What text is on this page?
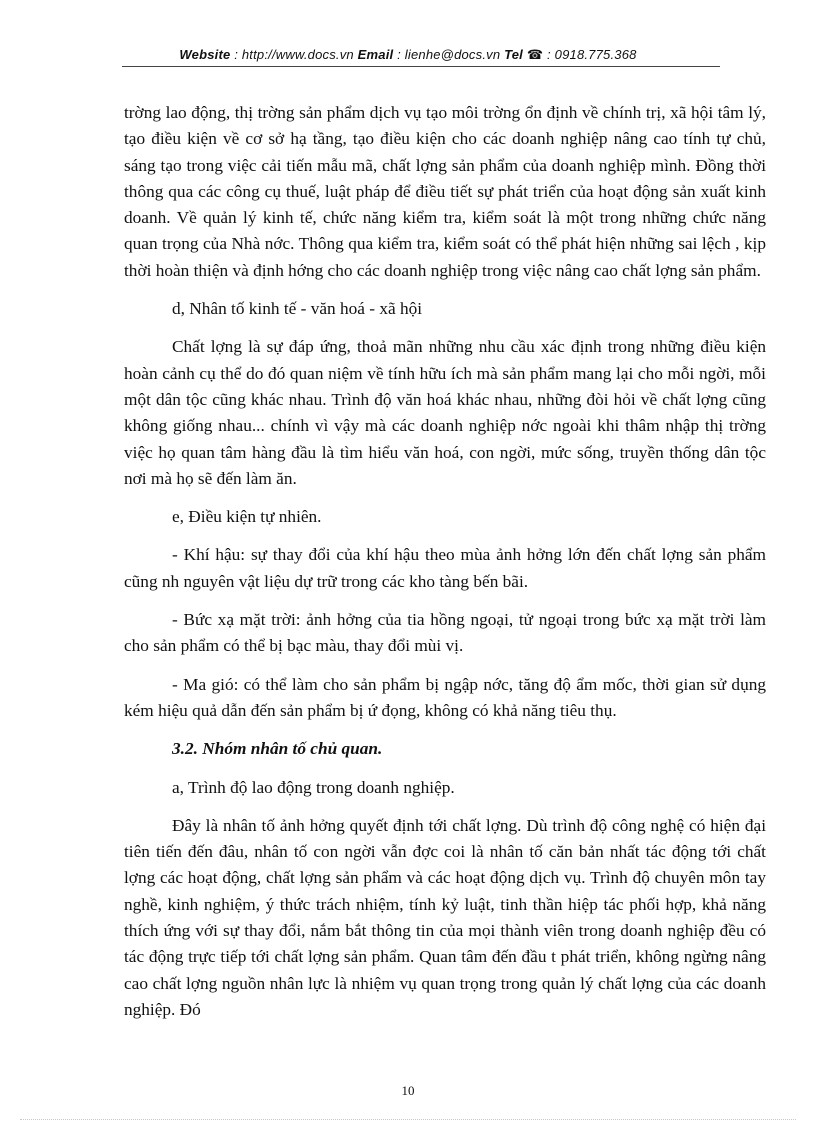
Website : http://www.docs.vn Email : lienhe@docs.vn Tel ☎ : 0918.775.368

trờng lao động, thị trờng sản phẩm dịch vụ tạo môi trờng ổn định về chính trị, xã hội tâm lý, tạo điều kiện về cơ sở hạ tầng, tạo điều kiện cho các doanh nghiệp nâng cao tính tự chủ, sáng tạo trong việc cải tiến mẫu mã, chất lợng sản phẩm của doanh nghiệp mình. Đồng thời thông qua các công cụ thuế, luật pháp để điều tiết sự phát triển của hoạt động sản xuất kinh doanh. Về quản lý kinh tế, chức năng kiểm tra, kiểm soát là một trong những chức năng quan trọng của Nhà nớc. Thông qua kiểm tra, kiểm soát có thể phát hiện những sai lệch , kịp thời hoàn thiện và định hớng cho các doanh nghiệp trong việc nâng cao chất lợng sản phẩm.

d, Nhân tố kinh tế - văn hoá - xã hội

Chất lợng là sự đáp ứng, thoả mãn những nhu cầu xác định trong những điều kiện hoàn cảnh cụ thể do đó quan niệm về tính hữu ích mà sản phẩm mang lại cho mỗi ngời, mỗi một dân tộc cũng khác nhau. Trình độ văn hoá khác nhau, những đòi hỏi về chất lợng cũng không giống nhau... chính vì vậy mà các doanh nghiệp nớc ngoài khi thâm nhập thị trờng việc họ quan tâm hàng đầu là tìm hiểu văn hoá, con ngời, mức sống, truyền thống dân tộc nơi mà họ sẽ đến làm ăn.

e, Điều kiện tự nhiên.

- Khí hậu: sự thay đổi của khí hậu theo mùa ảnh hởng lớn đến chất lợng sản phẩm cũng nh nguyên vật liệu dự trữ trong các kho tàng bến bãi.

- Bức xạ mặt trời: ảnh hởng của tia hồng ngoại, tử ngoại trong bức xạ mặt trời làm cho sản phẩm có thể bị bạc màu, thay đổi mùi vị.

- Ma gió: có thể làm cho sản phẩm bị ngập nớc, tăng độ ẩm mốc, thời gian sử dụng kém hiệu quả dẫn đến sản phẩm bị ứ đọng, không có khả năng tiêu thụ.

3.2. Nhóm nhân tố chủ quan.

a, Trình độ lao động trong doanh nghiệp.

Đây là nhân tố ảnh hởng quyết định tới chất lợng. Dù trình độ công nghệ có hiện đại tiên tiến đến đâu, nhân tố con ngời vẫn đợc coi là nhân tố căn bản nhất tác động tới chất lợng các hoạt động, chất lợng sản phẩm và các hoạt động dịch vụ. Trình độ chuyên môn tay nghề, kinh nghiệm, ý thức trách nhiệm, tính kỷ luật, tinh thần hiệp tác phối hợp, khả năng thích ứng với sự thay đổi, nắm bắt thông tin của mọi thành viên trong doanh nghiệp đều có tác động trực tiếp tới chất lợng sản phẩm. Quan tâm đến đầu t phát triển, không ngừng nâng cao chất lợng nguồn nhân lực là nhiệm vụ quan trọng trong quản lý chất lợng của các doanh nghiệp. Đó

10
